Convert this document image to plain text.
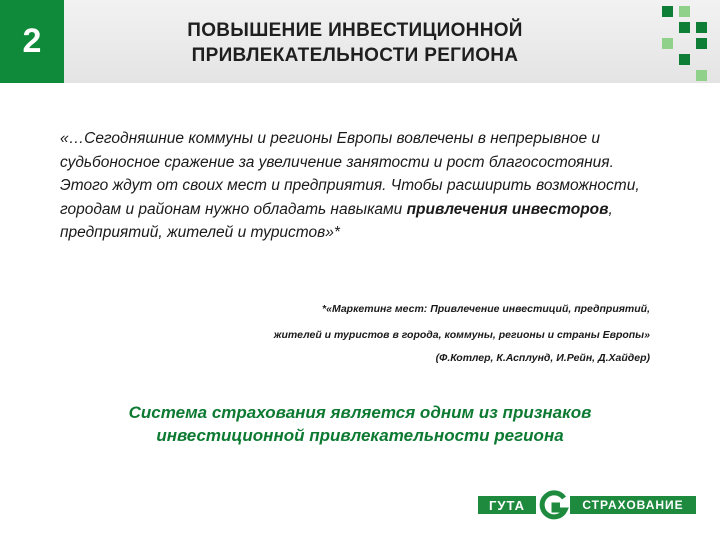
2	ПОВЫШЕНИЕ ИНВЕСТИЦИОННОЙ
ПРИВЛЕКАТЕЛЬНОСТИ РЕГИОНА
«…Сегодняшние коммуны и регионы Европы вовлечены в непрерывное и судьбоносное сражение за увеличение занятости и рост благосостояния. Этого ждут от своих мест и предприятия. Чтобы расширить возможности, городам и районам нужно обладать навыками привлечения инвесторов, предприятий, жителей и туристов»*
*«Маркетинг мест: Привлечение инвестиций, предприятий,
жителей и туристов в города, коммуны, регионы и страны Европы»
(Ф.Котлер, К.Асплунд, И.Рейн, Д.Хайдер)
Система страхования является одним из признаков
инвестиционной привлекательности региона
ГУТА	СТРАХОВАНИЕ
